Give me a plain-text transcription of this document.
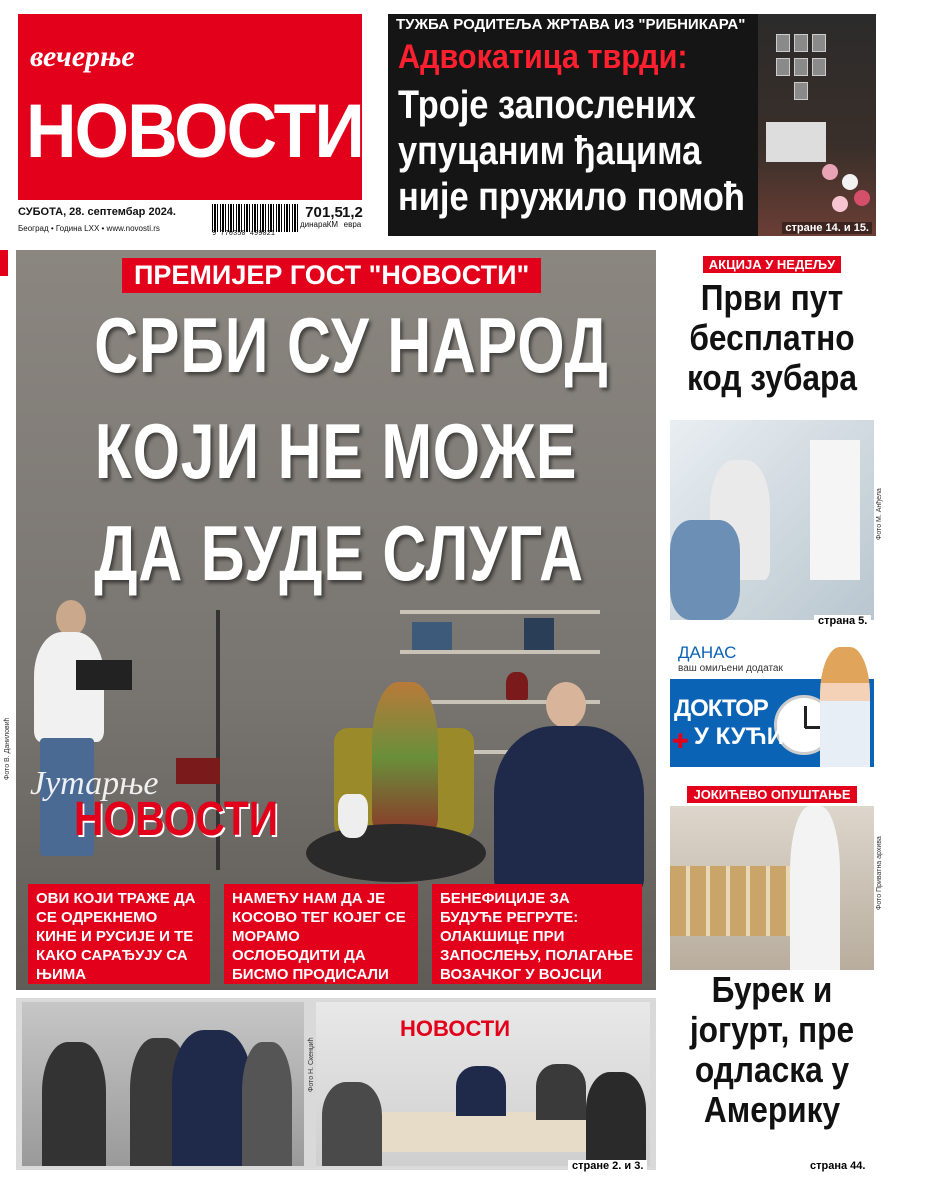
вечерње
НОВОСТИ
СУБОТА, 28. септембар 2024.
Београд • Година LXX • www.novosti.rs
9 770350 499021
70
динара
1,5
КМ
1,2
евра
ТУЖБА РОДИТЕЉА ЖРТАВА ИЗ "РИБНИКАРА"
Адвокатица тврди:
Троје запослених
упуцаним ђацима
није пружило помоћ
стране 14. и 15.
Фото В. Даниловић
ПРЕМИЈЕР ГОСТ "НОВОСТИ"
СРБИ СУ НАРОД
КОЈИ НЕ МОЖЕ
ДА БУДЕ СЛУГА
Јутарње
НОВОСТИ
ОВИ КОЈИ ТРАЖЕ ДА СЕ ОДРЕКНЕМО КИНЕ И РУСИЈЕ И ТЕ КАКО САРАЂУЈУ СА ЊИМА
НАМЕЋУ НАМ ДА ЈЕ КОСОВО ТЕГ КОЈЕГ СЕ МОРАМО ОСЛОБОДИТИ ДА БИСМО ПРОДИСАЛИ
БЕНЕФИЦИЈЕ ЗА БУДУЋЕ РЕГРУТЕ: ОЛАКШИЦЕ ПРИ ЗАПОСЛЕЊУ, ПОЛАГАЊЕ ВОЗАЧКОГ У ВОЈСЦИ
Фото Н. Скенџић
НОВОСТИ
стране 2. и 3.
АКЦИЈА У НЕДЕЉУ
Први пут
бесплатно
код зубара
Фото М. Анђела
страна 5.
ДАНАС
ваш омиљени додатак
ДОКТОР
✚ У КУЋИ
ЈОКИЋЕВО ОПУШТАЊЕ
Фото Приватна архива
Бурек и
јогурт, пре
одласка у
Америку
страна 44.
